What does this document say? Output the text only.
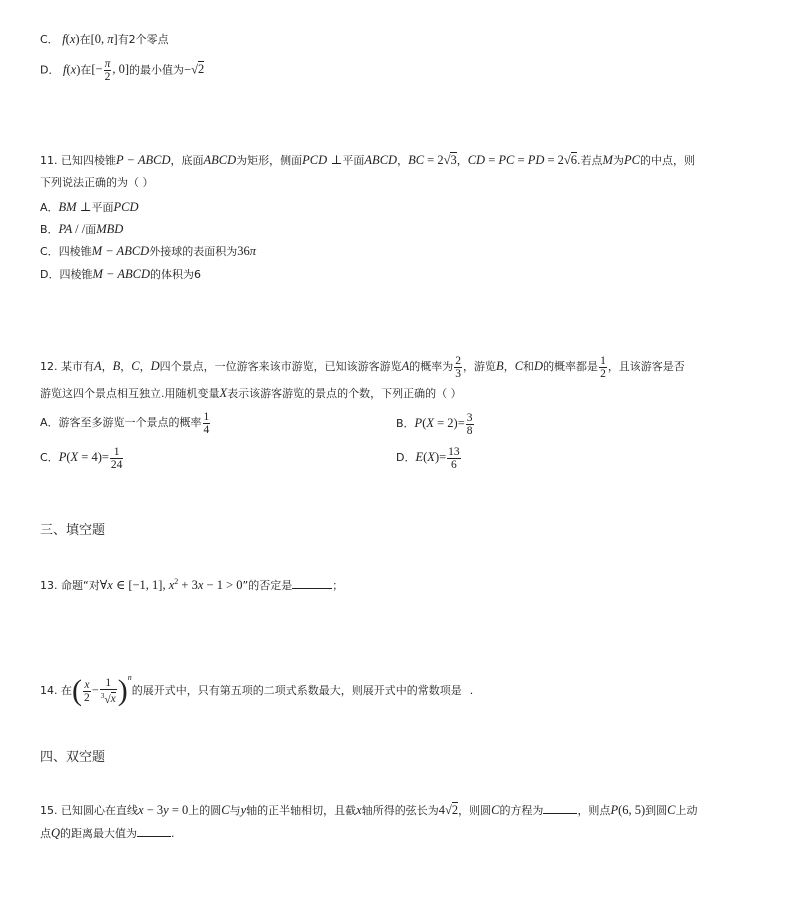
C． f(x)在[0, π]有2个零点
D． f(x)在[− $\frac{\pi}{2}$ , 0]的最小值为−√2
11. 已知四棱锥P − ABCD，底面ABCD为矩形，侧面PCD ⊥平面ABCD，BC = 2√3，CD = PC = PD = 2√6.若点M为PC的中点，则
下列说法正确的为（ ）
A．BM ⊥平面PCD
B．PA / /面MBD
C．四棱锥M − ABCD外接球的表面积为36π
D．四棱锥M − ABCD的体积为6
12. 某市有A，B，C，D四个景点，一位游客来该市游览，已知该游客游览A的概率为 $\frac{2}{3}$ ，游览B，C和D的概率都是 $\frac{1}{2}$ ，且该游客是否
游览这四个景点相互独立.用随机变量X表示该游客游览的景点的个数，下列正确的（ ）
A．游客至多游览一个景点的概率 $\frac{1}{4}$	B．$P(X = 2)= \frac{3}{8}$
C．$P(X = 4)= \frac{1}{24}$	D．$E(X)= \frac{13}{6}$
三、填空题
13. 命题“对∀x ∈ [−1, 1], $x^2 + 3x - 1 > 0$”的否定是	；
14. 在( $\frac{x}{2} - \frac{1}{^3√x} )^n$的展开式中，只有第五项的二项式系数最大，则展开式中的常数项是 .
四、双空题
15. 已知圆心在直线x − 3y = 0上的圆C与y轴的正半轴相切，且截x轴所得的弦长为4√2，则圆C的方程为	，则点P(6, 5)到圆C上动
点Q的距离最大值为	.
